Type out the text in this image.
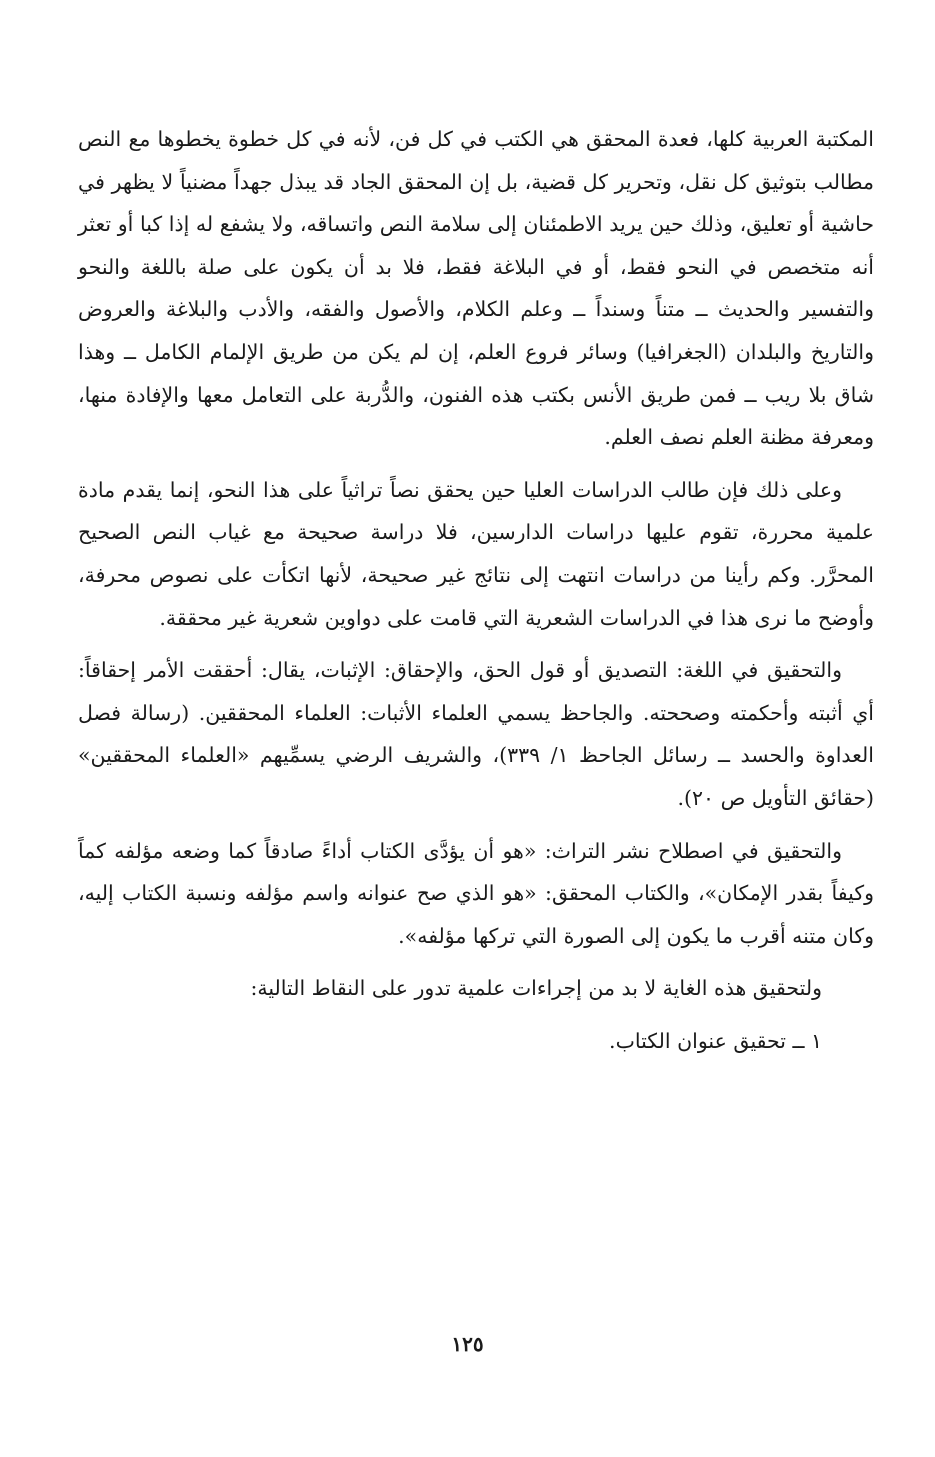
المكتبة العربية كلها، فعدة المحقق هي الكتب في كل فن، لأنه في كل خطوة يخطوها مع النص مطالب بتوثيق كل نقل، وتحرير كل قضية، بل إن المحقق الجاد قد يبذل جهداً مضنياً لا يظهر في حاشية أو تعليق، وذلك حين يريد الاطمئنان إلى سلامة النص واتساقه، ولا يشفع له إذا كبا أو تعثر أنه متخصص في النحو فقط، أو في البلاغة فقط، فلا بد أن يكون على صلة باللغة والنحو والتفسير والحديث ــ متناً وسنداً ــ وعلم الكلام، والأصول والفقه، والأدب والبلاغة والعروض والتاريخ والبلدان (الجغرافيا) وسائر فروع العلم، إن لم يكن من طريق الإلمام الكامل ــ وهذا شاق بلا ريب ــ فمن طريق الأنس بكتب هذه الفنون، والدُّربة على التعامل معها والإفادة منها، ومعرفة مظنة العلم نصف العلم.

وعلى ذلك فإن طالب الدراسات العليا حين يحقق نصاً تراثياً على هذا النحو، إنما يقدم مادة علمية محررة، تقوم عليها دراسات الدارسين، فلا دراسة صحيحة مع غياب النص الصحيح المحرَّر. وكم رأينا من دراسات انتهت إلى نتائج غير صحيحة، لأنها اتكأت على نصوص محرفة، وأوضح ما نرى هذا في الدراسات الشعرية التي قامت على دواوين شعرية غير محققة.

والتحقيق في اللغة: التصديق أو قول الحق، والإحقاق: الإثبات، يقال: أحققت الأمر إحقاقاً: أي أثبته وأحكمته وصححته. والجاحظ يسمي العلماء الأثبات: العلماء المحققين. (رسالة فصل العداوة والحسد ــ رسائل الجاحظ ١/ ٣٣٩)، والشريف الرضي يسمِّيهم «العلماء المحققين» (حقائق التأويل ص ٢٠).

والتحقيق في اصطلاح نشر التراث: «هو أن يؤدَّى الكتاب أداءً صادقاً كما وضعه مؤلفه كماً وكيفاً بقدر الإمكان»، والكتاب المحقق: «هو الذي صح عنوانه واسم مؤلفه ونسبة الكتاب إليه، وكان متنه أقرب ما يكون إلى الصورة التي تركها مؤلفه».

ولتحقيق هذه الغاية لا بد من إجراءات علمية تدور على النقاط التالية:

١ ــ تحقيق عنوان الكتاب.

١٢٥
